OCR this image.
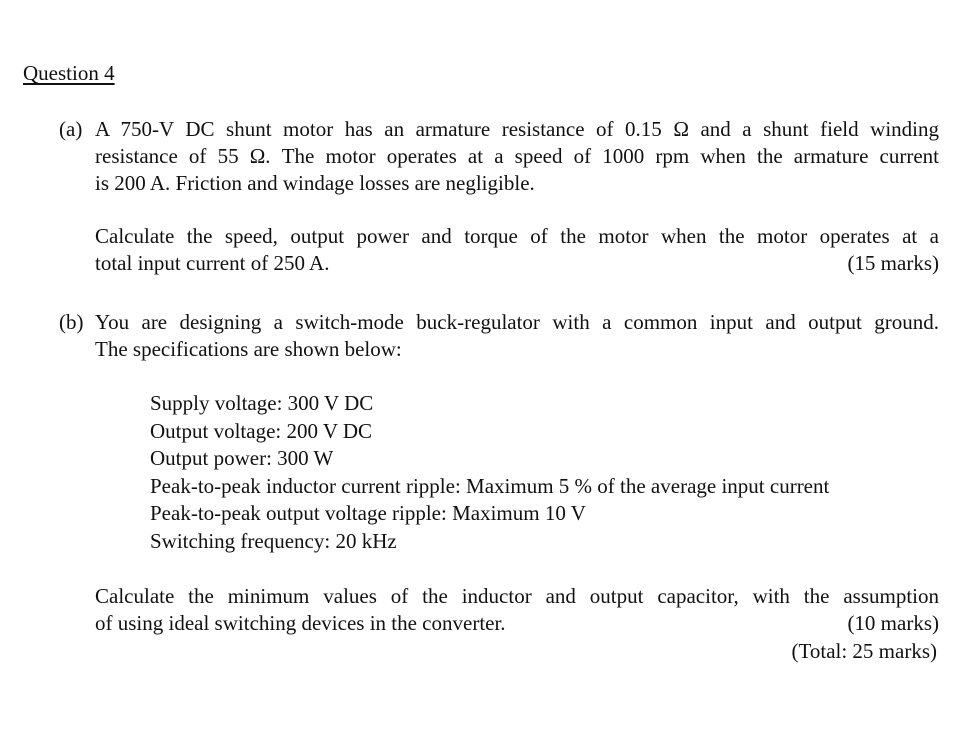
Question 4
(a) A 750-V DC shunt motor has an armature resistance of 0.15 Ω and a shunt field winding
resistance of 55 Ω. The motor operates at a speed of 1000 rpm when the armature current
is 200 A. Friction and windage losses are negligible.
Calculate the speed, output power and torque of the motor when the motor operates at a
total input current of 250 A.	(15 marks)
(b) You are designing a switch-mode buck-regulator with a common input and output ground.
The specifications are shown below:
Supply voltage: 300 V DC
Output voltage: 200 V DC
Output power: 300 W
Peak-to-peak inductor current ripple: Maximum 5 % of the average input current
Peak-to-peak output voltage ripple: Maximum 10 V
Switching frequency: 20 kHz
Calculate the minimum values of the inductor and output capacitor, with the assumption
of using ideal switching devices in the converter.	(10 marks)
(Total: 25 marks)
